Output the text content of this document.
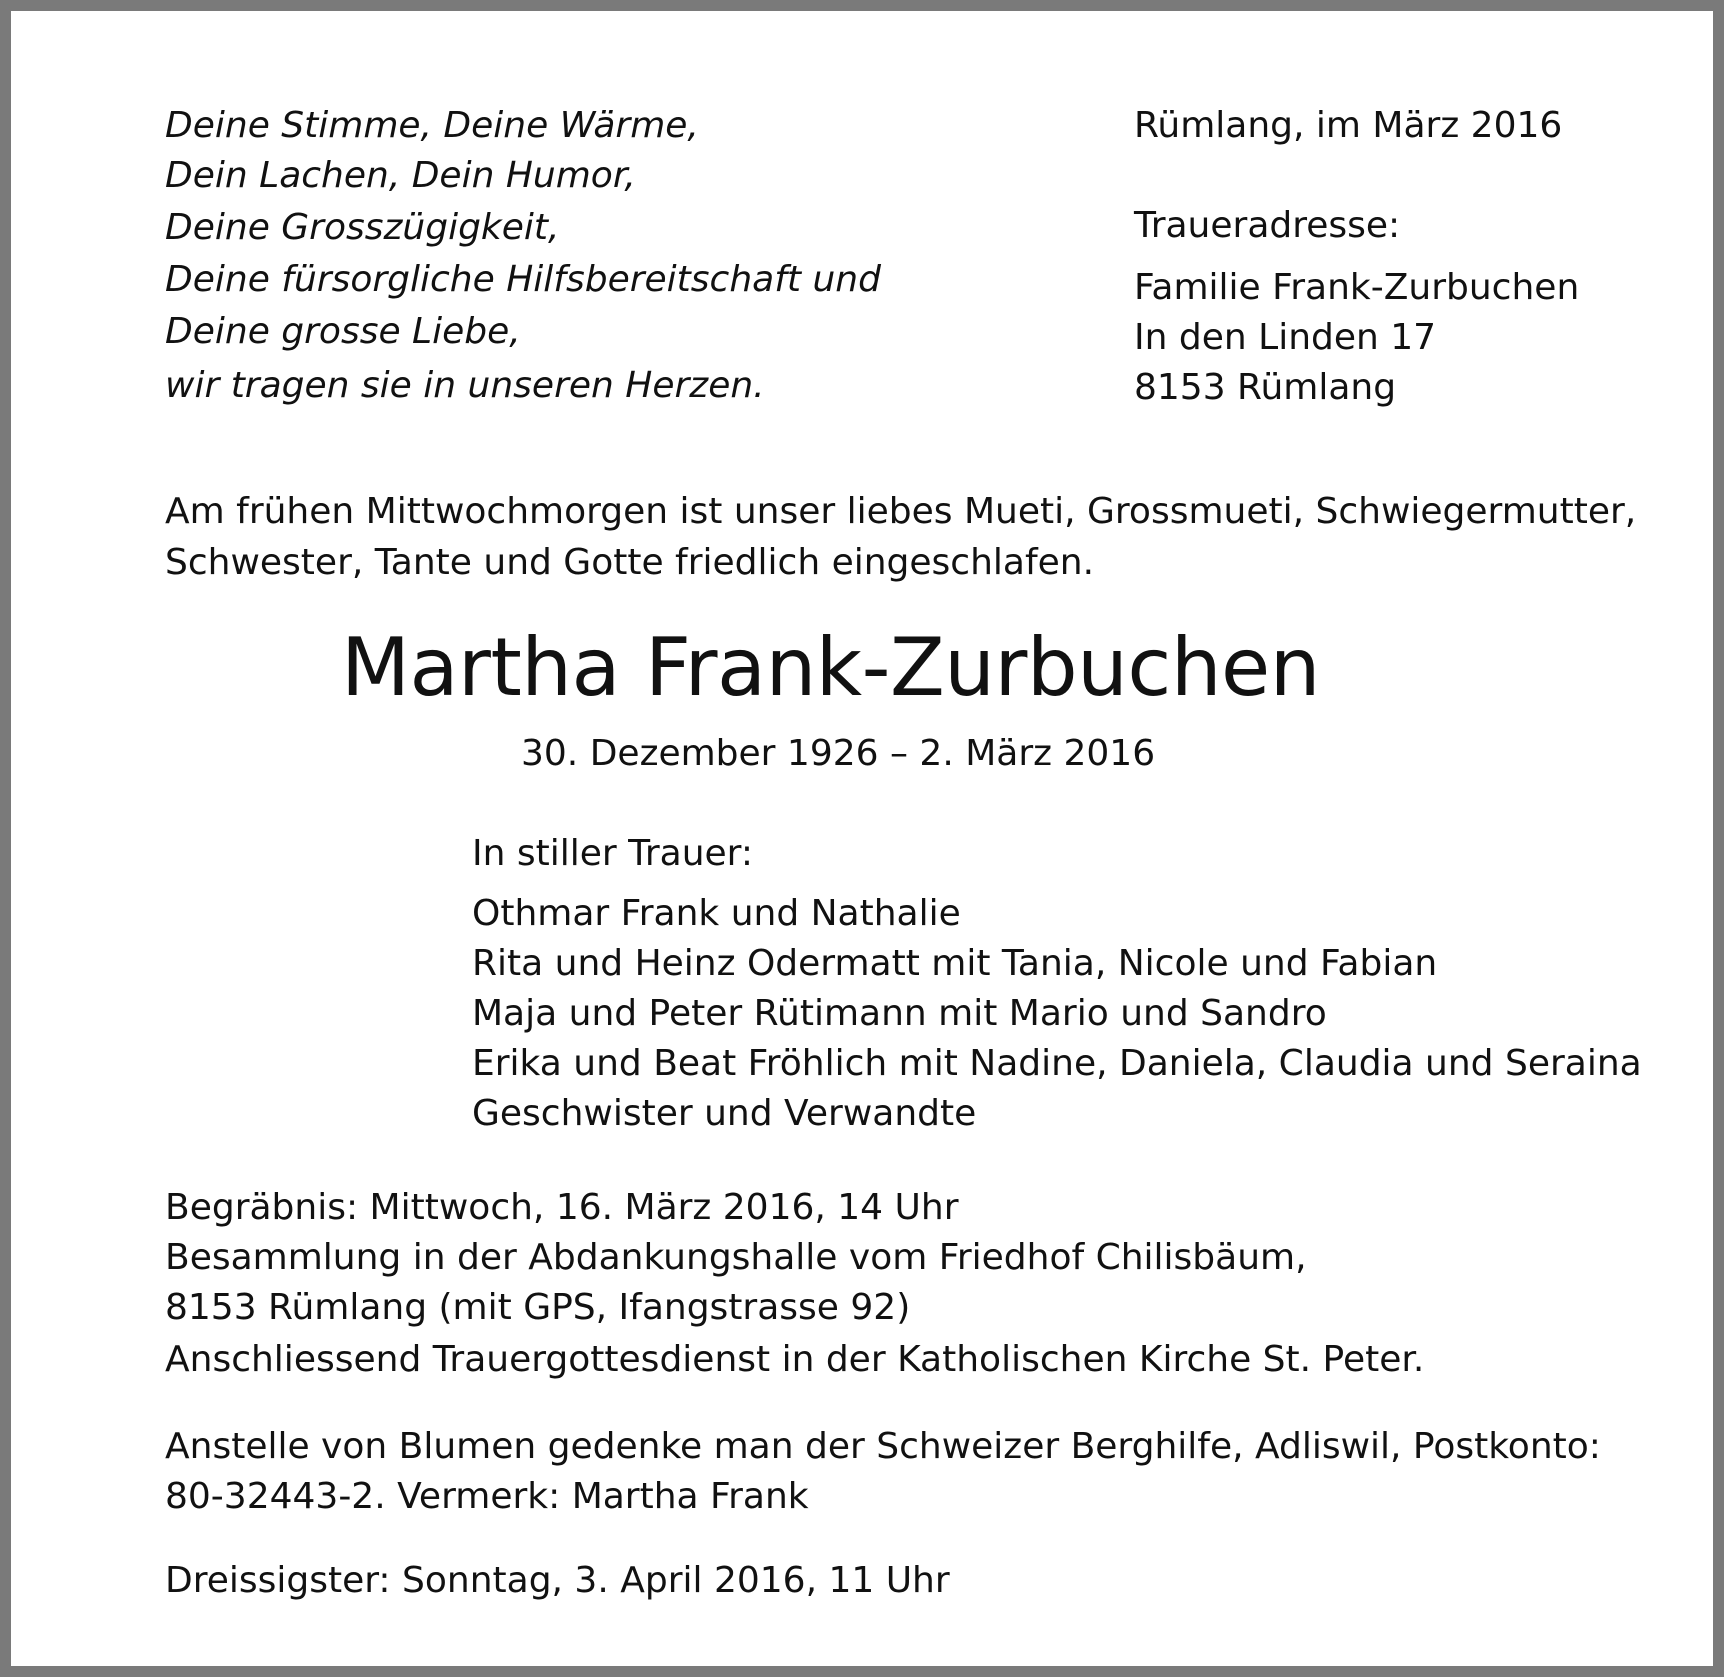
Deine Stimme, Deine Wärme,
Dein Lachen, Dein Humor,
Deine Grosszügigkeit,
Deine fürsorgliche Hilfsbereitschaft und
Deine grosse Liebe,
wir tragen sie in unseren Herzen.
Rümlang, im März 2016
Traueradresse:
Familie Frank-Zurbuchen
In den Linden 17
8153 Rümlang
Am frühen Mittwochmorgen ist unser liebes Mueti, Grossmueti, Schwiegermutter,
Schwester, Tante und Gotte friedlich eingeschlafen.
Martha Frank-Zurbuchen
30. Dezember 1926 – 2. März 2016
In stiller Trauer:
Othmar Frank und Nathalie
Rita und Heinz Odermatt mit Tania, Nicole und Fabian
Maja und Peter Rütimann mit Mario und Sandro
Erika und Beat Fröhlich mit Nadine, Daniela, Claudia und Seraina
Geschwister und Verwandte
Begräbnis: Mittwoch, 16. März 2016, 14 Uhr
Besammlung in der Abdankungshalle vom Friedhof Chilisbäum,
8153 Rümlang (mit GPS, Ifangstrasse 92)
Anschliessend Trauergottesdienst in der Katholischen Kirche St. Peter.
Anstelle von Blumen gedenke man der Schweizer Berghilfe, Adliswil, Postkonto:
80-32443-2. Vermerk: Martha Frank
Dreissigster: Sonntag, 3. April 2016, 11 Uhr
